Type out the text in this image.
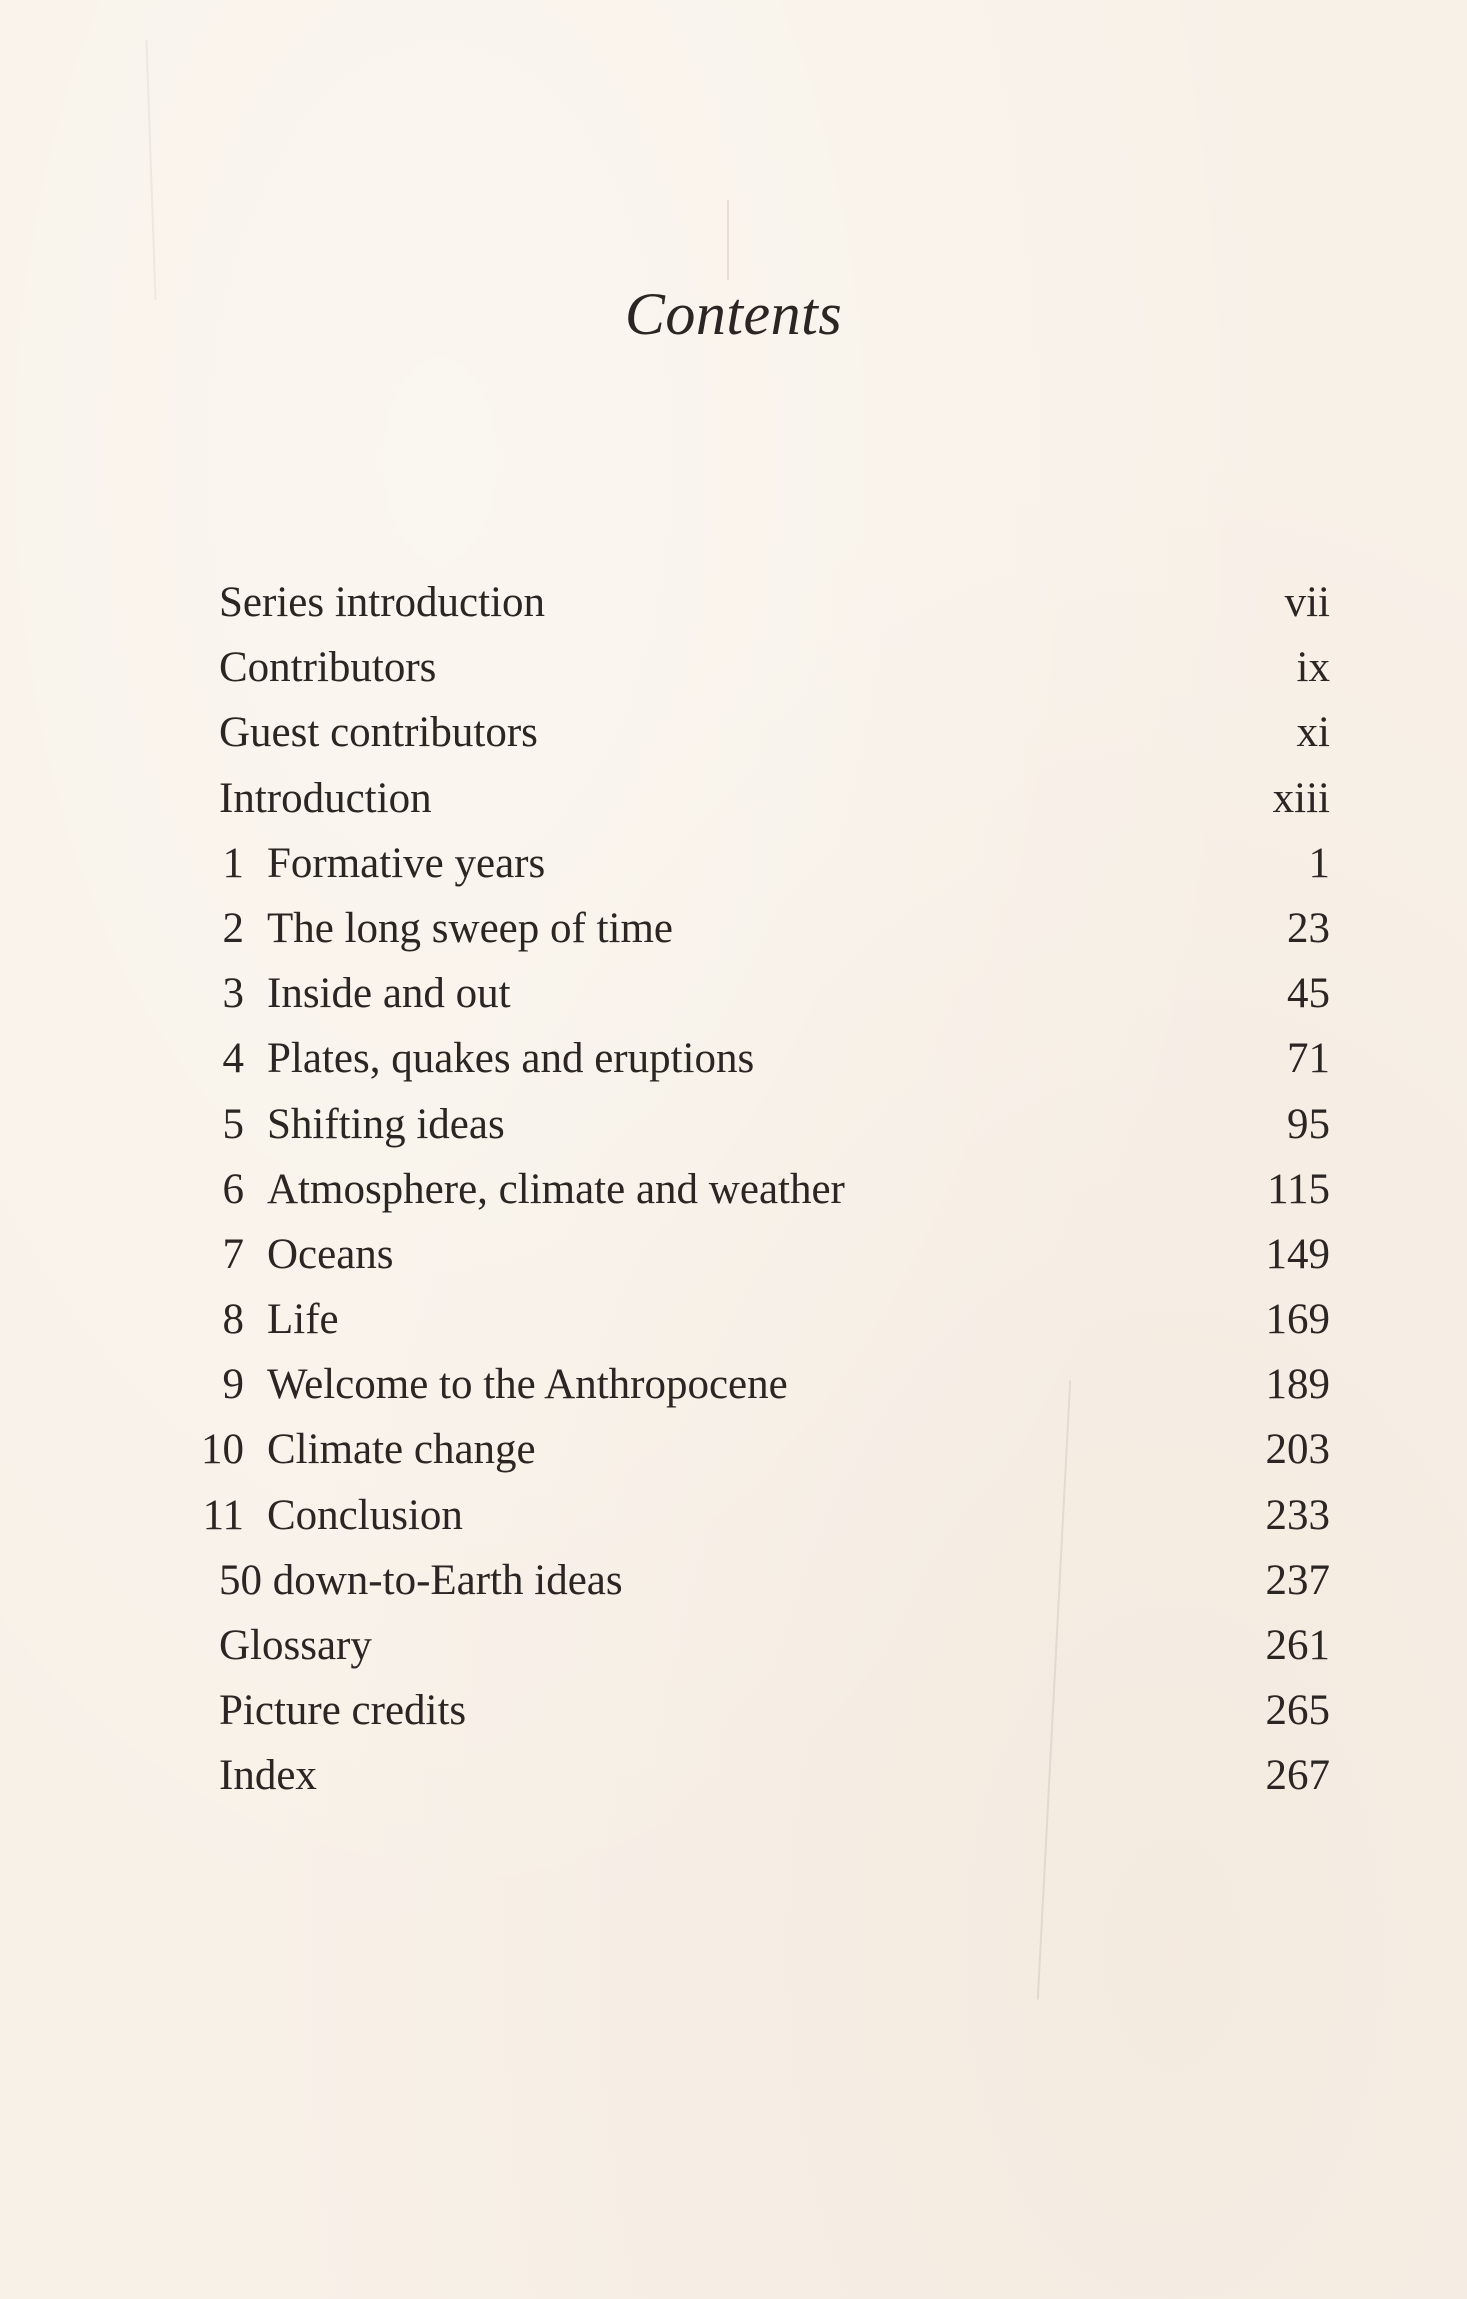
Contents
Series introduction	vii
Contributors	ix
Guest contributors	xi
Introduction	xiii
1 Formative years	1
2 The long sweep of time	23
3 Inside and out	45
4 Plates, quakes and eruptions	71
5 Shifting ideas	95
6 Atmosphere, climate and weather	115
7 Oceans	149
8 Life	169
9 Welcome to the Anthropocene	189
10 Climate change	203
11 Conclusion	233
50 down-to-Earth ideas	237
Glossary	261
Picture credits	265
Index	267
